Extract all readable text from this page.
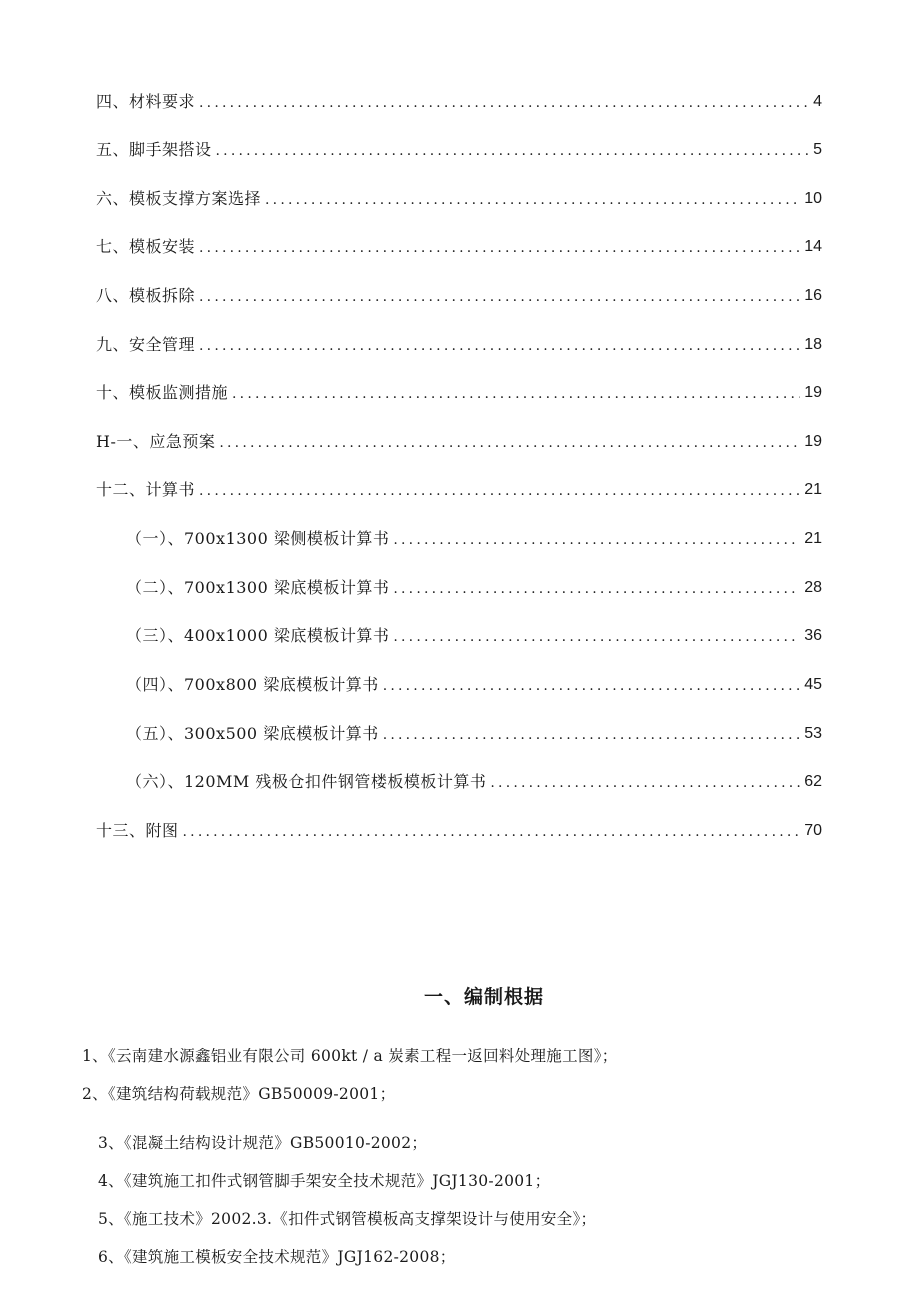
四、材料要求 .....	4
五、脚手架搭设 .....	5
六、模板支撑方案选择 .....	10
七、模板安装 .....	14
八、模板拆除 .....	16
九、安全管理 .....	18
十、模板监测措施 .....	19
H-一、应急预案 .....	19
十二、计算书 .....	21
（一）、700x1300 梁侧模板计算书 .....	21
（二）、700x1300 梁底模板计算书 .....	28
（三）、400x1000 梁底模板计算书 .....	36
（四）、700x800 梁底模板计算书 .....	45
（五）、300x500 梁底模板计算书 .....	53
（六）、120MM 残极仓扣件钢管楼板模板计算书 .....	62
十三、附图 .....	70
一、编制根据
1、《云南建水源鑫铝业有限公司 600kt / a 炭素工程一返回料处理施工图》；
2、《建筑结构荷载规范》GB50009-2001；
3、《混凝土结构设计规范》GB50010-2002；
4、《建筑施工扣件式钢管脚手架安全技术规范》JGJ130-2001；
5、《施工技术》2002.3.《扣件式钢管模板高支撑架设计与使用安全》；
6、《建筑施工模板安全技术规范》JGJ162-2008；
